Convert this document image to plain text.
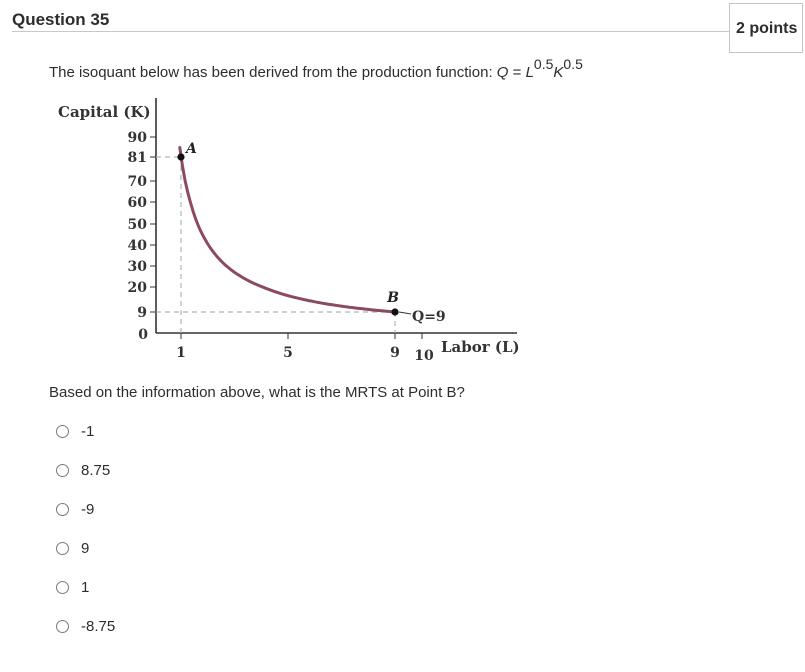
Question 35	2 points
The isoquant below has been derived from the production function: $Q = L^{0.5}K^{0.5}$
Capital (K)
Labor (L)
90
81
70
60
50
40
30
20
9
0
1	5	9 10
A
B
Q=9
Based on the information above, what is the MRTS at Point B?
-1
8.75
-9
9
1
-8.75
